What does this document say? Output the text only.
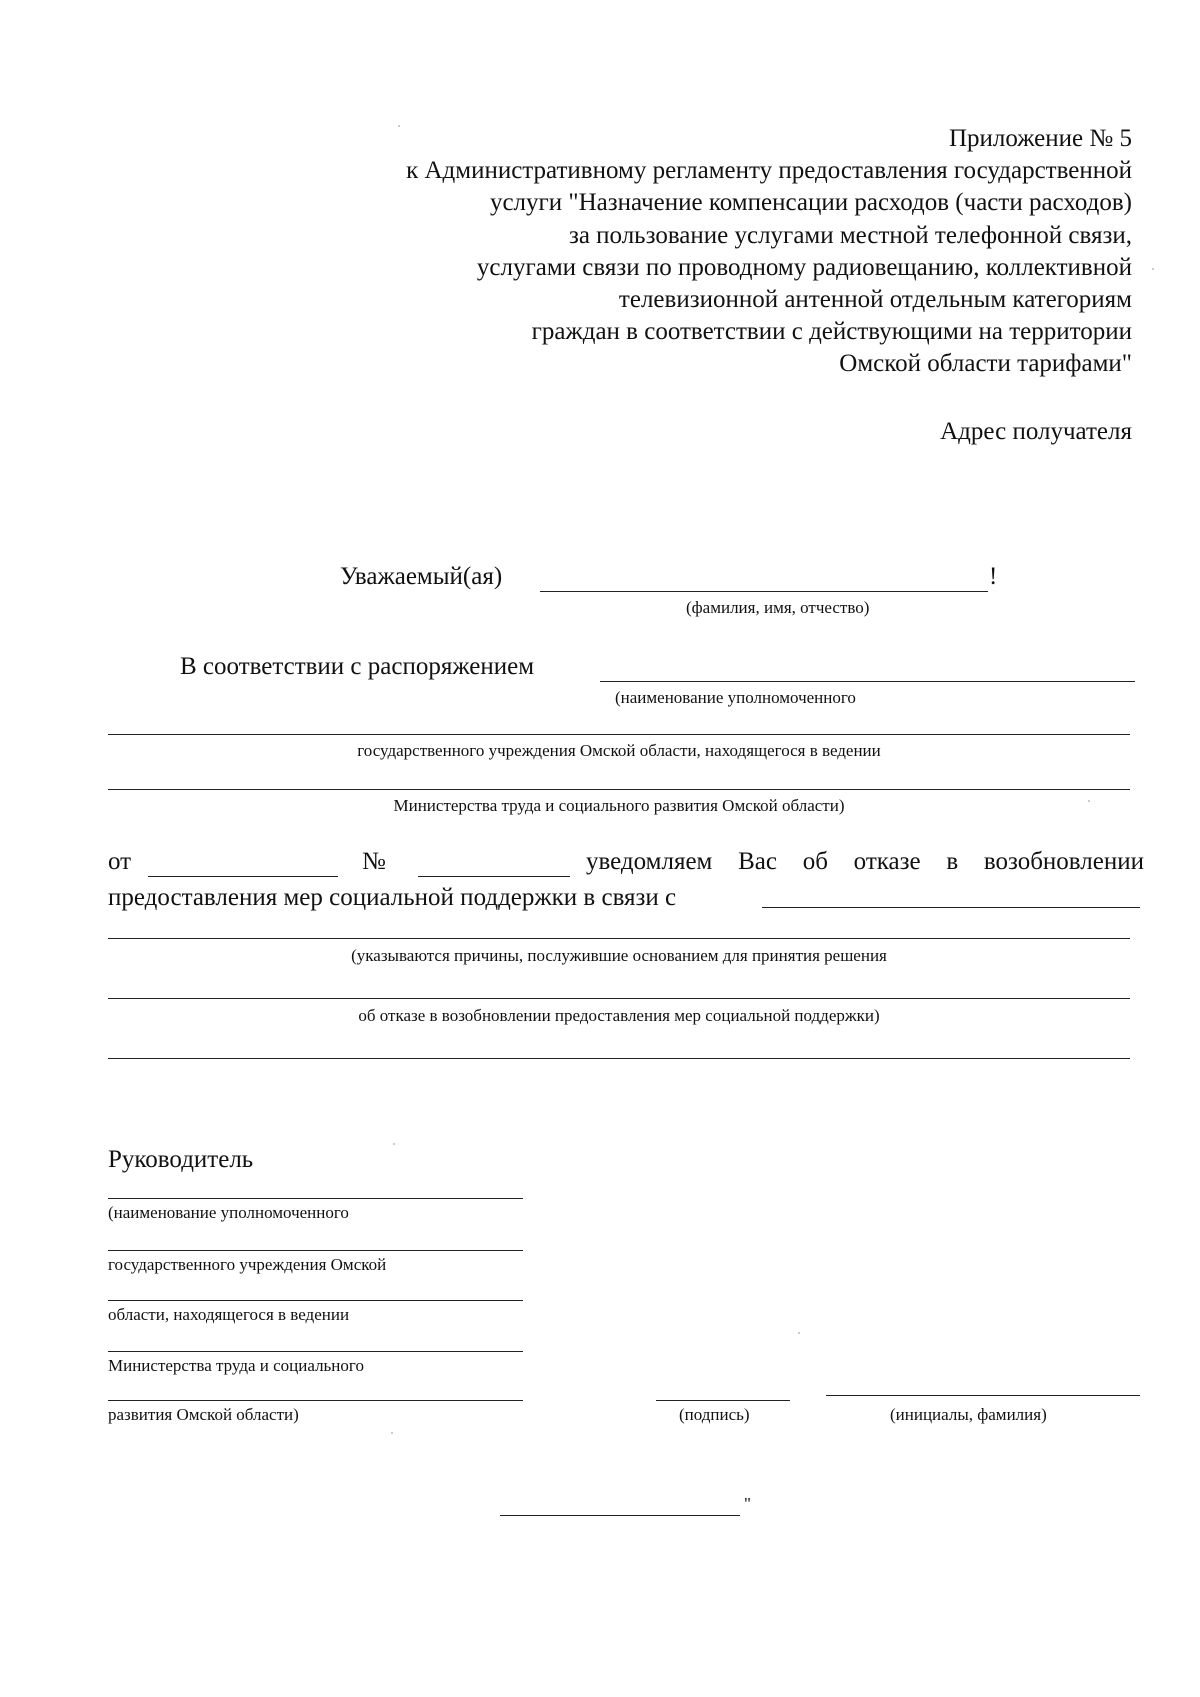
Приложение № 5
к Административному регламенту предоставления государственной
услуги "Назначение компенсации расходов (части расходов)
за пользование услугами местной телефонной связи,
услугами связи по проводному радиовещанию, коллективной
телевизионной антенной отдельным категориям
граждан в соответствии с действующими на территории
Омской области тарифами"
Адрес получателя
Уважаемый(ая)	!
(фамилия, имя, отчество)
В соответствии с распоряжением
(наименование уполномоченного
государственного учреждения Омской области, находящегося в ведении
Министерства труда и социального развития Омской области)
от	№	уведомляем Вас об отказе в возобновлении
предоставления мер социальной поддержки в связи с
(указываются причины, послужившие основанием для принятия решения
об отказе в возобновлении предоставления мер социальной поддержки)
Руководитель
(наименование уполномоченного
государственного учреждения Омской
области, находящегося в ведении
Министерства труда и социального
развития Омской области)	(подпись)	(инициалы, фамилия)
"
